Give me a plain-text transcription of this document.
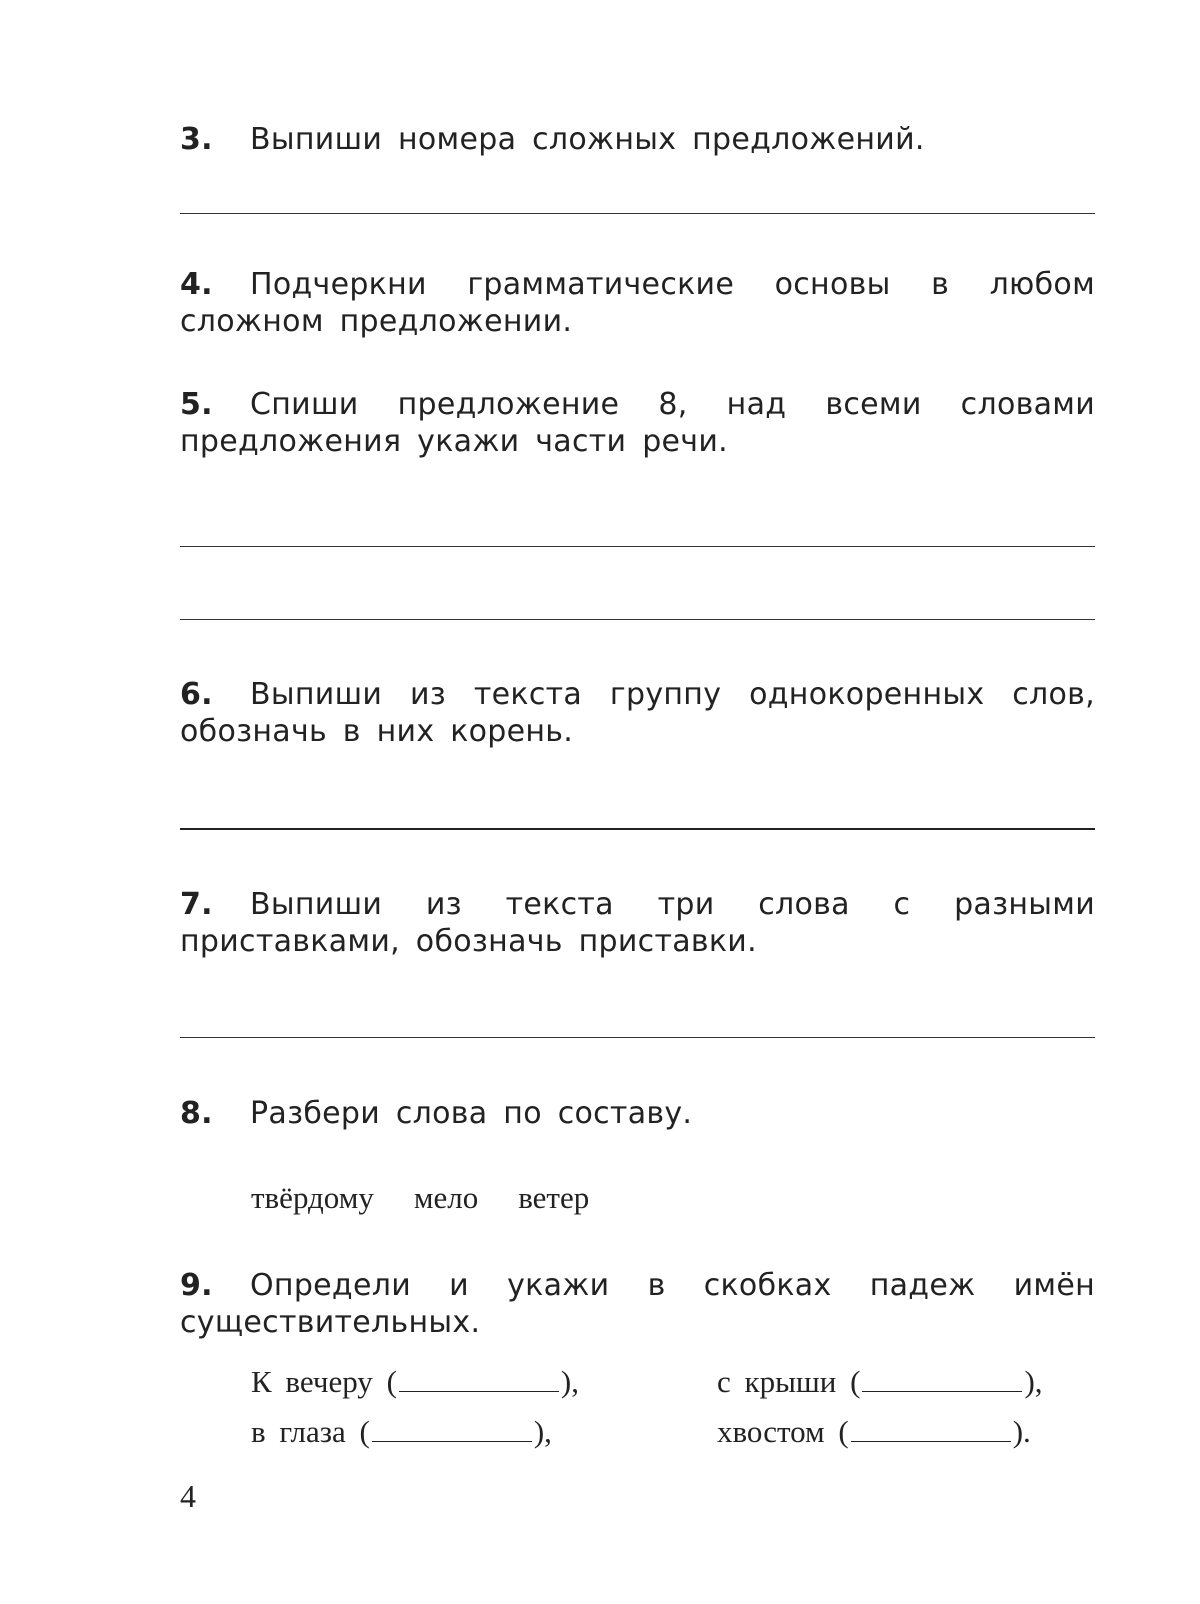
3. Выпиши номера сложных предложений.
4. Подчеркни грамматические основы в любом сложном предложении.
5. Спиши предложение 8, над всеми словами предложения укажи части речи.
6. Выпиши из текста группу однокоренных слов, обозначь в них корень.
7. Выпиши из текста три слова с разными приставками, обозначь приставки.
8. Разбери слова по составу.
твёрдому мело ветер
9. Определи и укажи в скобках падеж имён существительных.
К вечеру (	),	с крыши (	),
в глаза (	),	хвостом (	).
4
